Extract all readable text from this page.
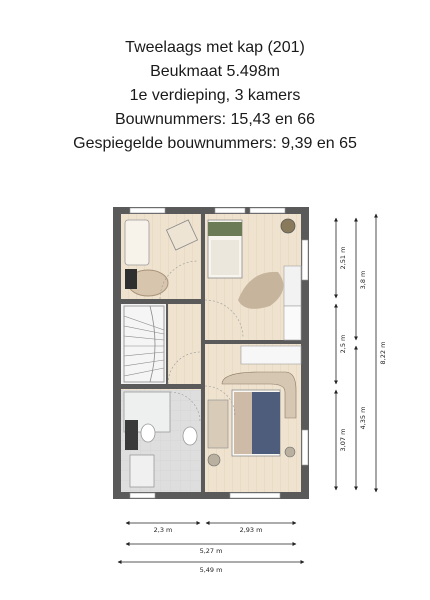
Tweelaags met kap (201)
Beukmaat 5.498m
1e verdieping, 3 kamers
Bouwnummers: 15,43 en 66
Gespiegelde bouwnummers: 9,39 en 65
2,3 m	2,93 m
5,27 m
5,49 m
2,51 m
2,5 m
3,07 m
3,8 m
4,35 m
8,22 m
